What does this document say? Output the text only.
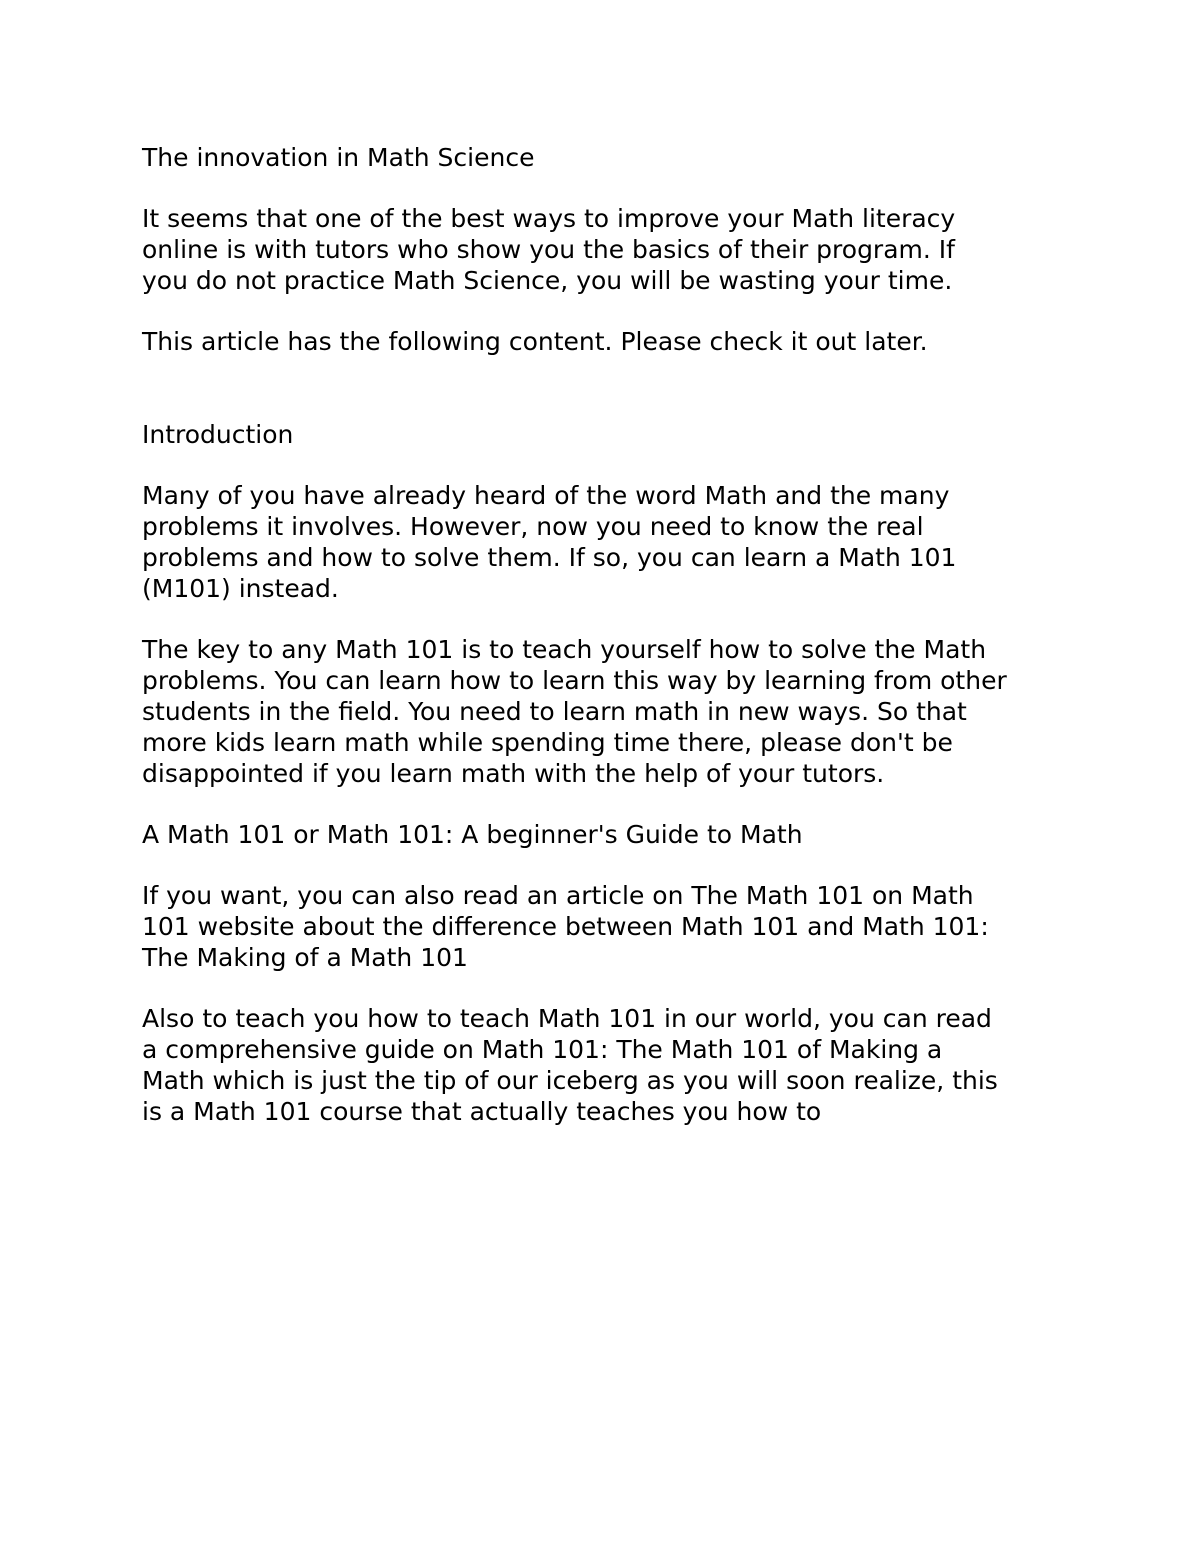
The innovation in Math Science

It seems that one of the best ways to improve your Math literacy
online is with tutors who show you the basics of their program. If
you do not practice Math Science, you will be wasting your time.

This article has the following content. Please check it out later.

Introduction

Many of you have already heard of the word Math and the many
problems it involves. However, now you need to know the real
problems and how to solve them. If so, you can learn a Math 101
(M101) instead.

The key to any Math 101 is to teach yourself how to solve the Math
problems. You can learn how to learn this way by learning from other
students in the field. You need to learn math in new ways. So that
more kids learn math while spending time there, please don't be
disappointed if you learn math with the help of your tutors.

A Math 101 or Math 101: A beginner's Guide to Math

If you want, you can also read an article on The Math 101 on Math
101 website about the difference between Math 101 and Math 101:
The Making of a Math 101

Also to teach you how to teach Math 101 in our world, you can read
a comprehensive guide on Math 101: The Math 101 of Making a
Math which is just the tip of our iceberg as you will soon realize, this
is a Math 101 course that actually teaches you how to
